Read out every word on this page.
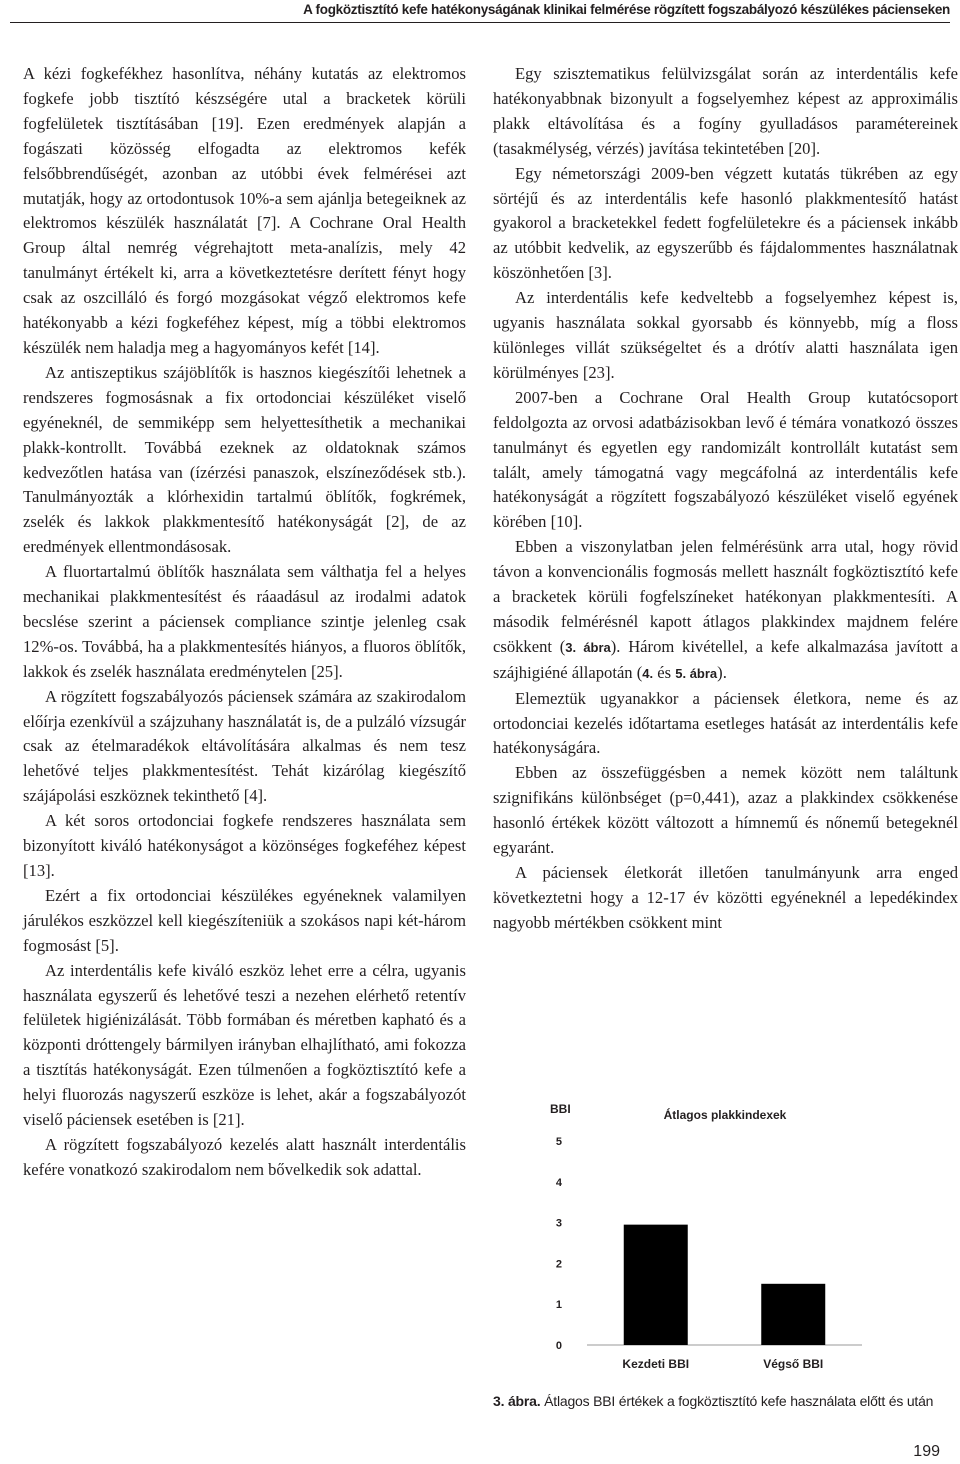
A fogköztisztító kefe hatékonyságának klinikai felmérése rögzített fogszabályozó készülékes pácienseken

A kézi fogkefékhez hasonlítva, néhány kutatás az elektromos fogkefe jobb tisztító készségére utal a bracketek körüli fogfelületek tisztításában [19]. Ezen eredmények alapján a fogászati közösség elfogadta az elektromos kefék felsőbbrendűségét, azonban az utóbbi évek felmérései azt mutatják, hogy az ortodontusok 10%-a sem ajánlja betegeiknek az elektromos készülék használatát [7]. A Cochrane Oral Health Group által nemrég végrehajtott meta-analízis, mely 42 tanulmányt értékelt ki, arra a következtetésre derített fényt hogy csak az oszcilláló és forgó mozgásokat végző elektromos kefe hatékonyabb a kézi fogkeféhez képest, míg a többi elektromos készülék nem haladja meg a hagyományos kefét [14].

Az antiszeptikus szájöblítők is hasznos kiegészítői lehetnek a rendszeres fogmosásnak a fix ortodonciai készüléket viselő egyéneknél, de semmiképp sem helyettesíthetik a mechanikai plakk-kontrollt. Továbbá ezeknek az oldatoknak számos kedvezőtlen hatása van (ízérzési panaszok, elszíneződések stb.). Tanulmányozták a klórhexidin tartalmú öblítők, fogkrémek, zselék és lakkok plakkmentesítő hatékonyságát [2], de az eredmények ellentmondásosak.

A fluortartalmú öblítők használata sem válthatja fel a helyes mechanikai plakkmentesítést és ráaadásul az irodalmi adatok becslése szerint a páciensek compliance szintje jelenleg csak 12%-os. Továbbá, ha a plakkmentesítés hiányos, a fluoros öblítők, lakkok és zselék használata eredménytelen [25].

A rögzített fogszabályozós páciensek számára az szakirodalom előírja ezenkívül a szájzuhany használatát is, de a pulzáló vízsugár csak az ételmaradékok eltávolítására alkalmas és nem tesz lehetővé teljes plakkmentesítést. Tehát kizárólag kiegészítő szájápolási eszköznek tekinthető [4].

A két soros ortodonciai fogkefe rendszeres használata sem bizonyított kiváló hatékonyságot a közönséges fogkeféhez képest [13].

Ezért a fix ortodonciai készülékes egyéneknek valamilyen járulékos eszközzel kell kiegészíteniük a szokásos napi két-három fogmosást [5].

Az interdentális kefe kiváló eszköz lehet erre a célra, ugyanis használata egyszerű és lehetővé teszi a nezehen elérhető retentív felületek higiénizálását. Több formában és méretben kapható és a központi dróttengely bármilyen irányban elhajlítható, ami fokozza a tisztítás hatékonyságát. Ezen túlmenően a fogköztisztító kefe a helyi fluorozás nagyszerű eszköze is lehet, akár a fogszabályozót viselő páciensek esetében is [21].

A rögzített fogszabályozó kezelés alatt használt interdentális kefére vonatkozó szakirodalom nem bővelkedik sok adattal.

Egy szisztematikus felülvizsgálat során az interdentális kefe hatékonyabbnak bizonyult a fogselyemhez képest az approximális plakk eltávolítása és a fogíny gyulladásos paramétereinek (tasakmélység, vérzés) javítása tekintetében [20].

Egy németországi 2009-ben végzett kutatás tükrében az egy sörtéjű és az interdentális kefe hasonló plakkmentesítő hatást gyakorol a bracketekkel fedett fogfelületekre és a páciensek inkább az utóbbit kedvelik, az egyszerűbb és fájdalommentes használatnak köszönhetően [3].

Az interdentális kefe kedveltebb a fogselyemhez képest is, ugyanis használata sokkal gyorsabb és könnyebb, míg a floss különleges villát szükségeltet és a drótív alatti használata igen körülményes [23].

2007-ben a Cochrane Oral Health Group kutatócsoport feldolgozta az orvosi adatbázisokban levő é témára vonatkozó összes tanulmányt és egyetlen egy randomizált kontrollált kutatást sem talált, amely támogatná vagy megcáfolná az interdentális kefe hatékonyságát a rögzített fogszabályozó készüléket viselő egyének körében [10].

Ebben a viszonylatban jelen felmérésünk arra utal, hogy rövid távon a konvencionális fogmosás mellett használt fogköztisztító kefe a bracketek körüli fogfelszíneket hatékonyan plakkmentesíti. A második felmérésnél kapott átlagos plakkindex majdnem felére csökkent (3. ábra). Három kivétellel, a kefe alkalmazása javított a szájhigiéné állapotán (4. és 5. ábra).

Elemeztük ugyanakkor a páciensek életkora, neme és az ortodonciai kezelés időtartama esetleges hatását az interdentális kefe hatékonyságára.

Ebben az összefüggésben a nemek között nem találtunk szignifikáns különbséget (p=0,441), azaz a plakkindex csökkenése hasonló értékek között változott a hímnemű és nőnemű betegeknél egyaránt.

A páciensek életkorát illetően tanulmányunk arra enged következtetni hogy a 12-17 év közötti egyéneknél a lepedékindex nagyobb mértékben csökkent mint

BBI	Átlagos plakkindexek
0
1
2
3
4
5
Kezdeti BBI	Végső BBI
3. ábra. Átlagos BBI értékek a fogköztisztító kefe használata előtt és után
199
